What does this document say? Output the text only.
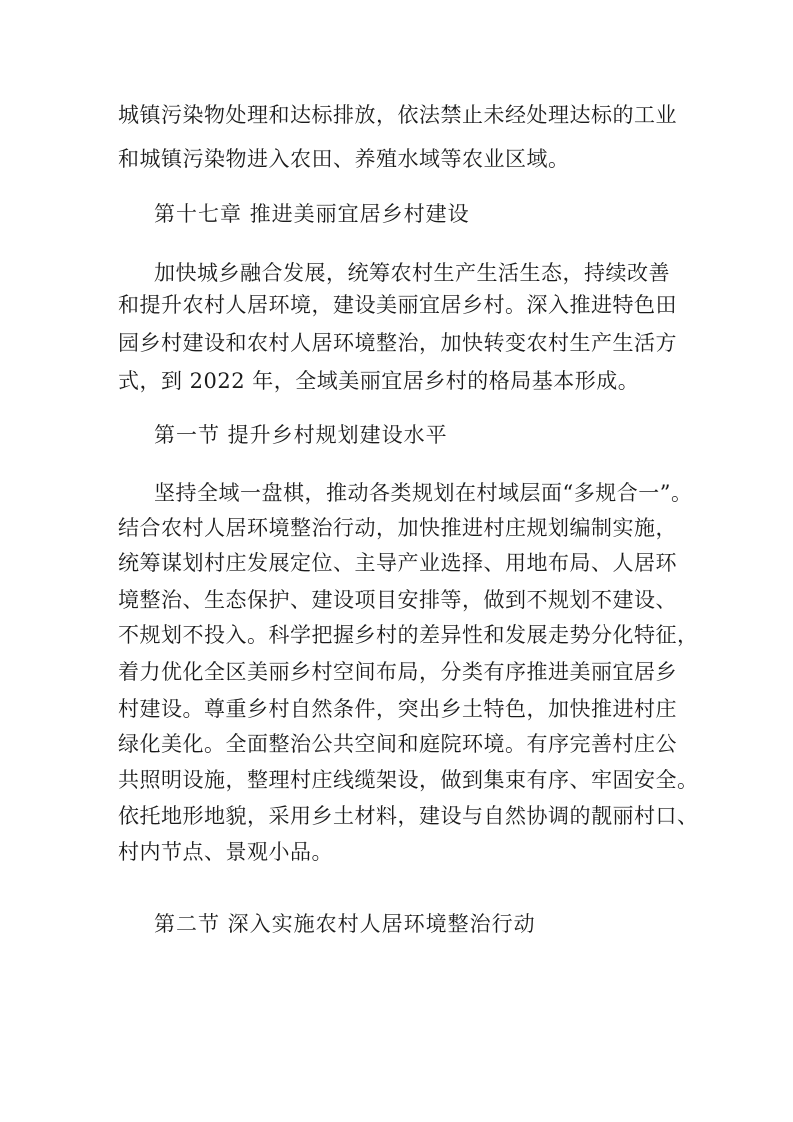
城镇污染物处理和达标排放，依法禁止未经处理达标的工业
和城镇污染物进入农田、养殖水域等农业区域。
第十七章 推进美丽宜居乡村建设
加快城乡融合发展，统筹农村生产生活生态，持续改善
和提升农村人居环境，建设美丽宜居乡村。深入推进特色田
园乡村建设和农村人居环境整治，加快转变农村生产生活方
式，到 2022 年，全域美丽宜居乡村的格局基本形成。
第一节 提升乡村规划建设水平
坚持全域一盘棋，推动各类规划在村域层面“多规合一”。
结合农村人居环境整治行动，加快推进村庄规划编制实施，
统筹谋划村庄发展定位、主导产业选择、用地布局、人居环
境整治、生态保护、建设项目安排等，做到不规划不建设、
不规划不投入。科学把握乡村的差异性和发展走势分化特征，
着力优化全区美丽乡村空间布局，分类有序推进美丽宜居乡
村建设。尊重乡村自然条件，突出乡土特色，加快推进村庄
绿化美化。全面整治公共空间和庭院环境。有序完善村庄公
共照明设施，整理村庄线缆架设，做到集束有序、牢固安全。
依托地形地貌，采用乡土材料，建设与自然协调的靓丽村口、
村内节点、景观小品。
第二节 深入实施农村人居环境整治行动
